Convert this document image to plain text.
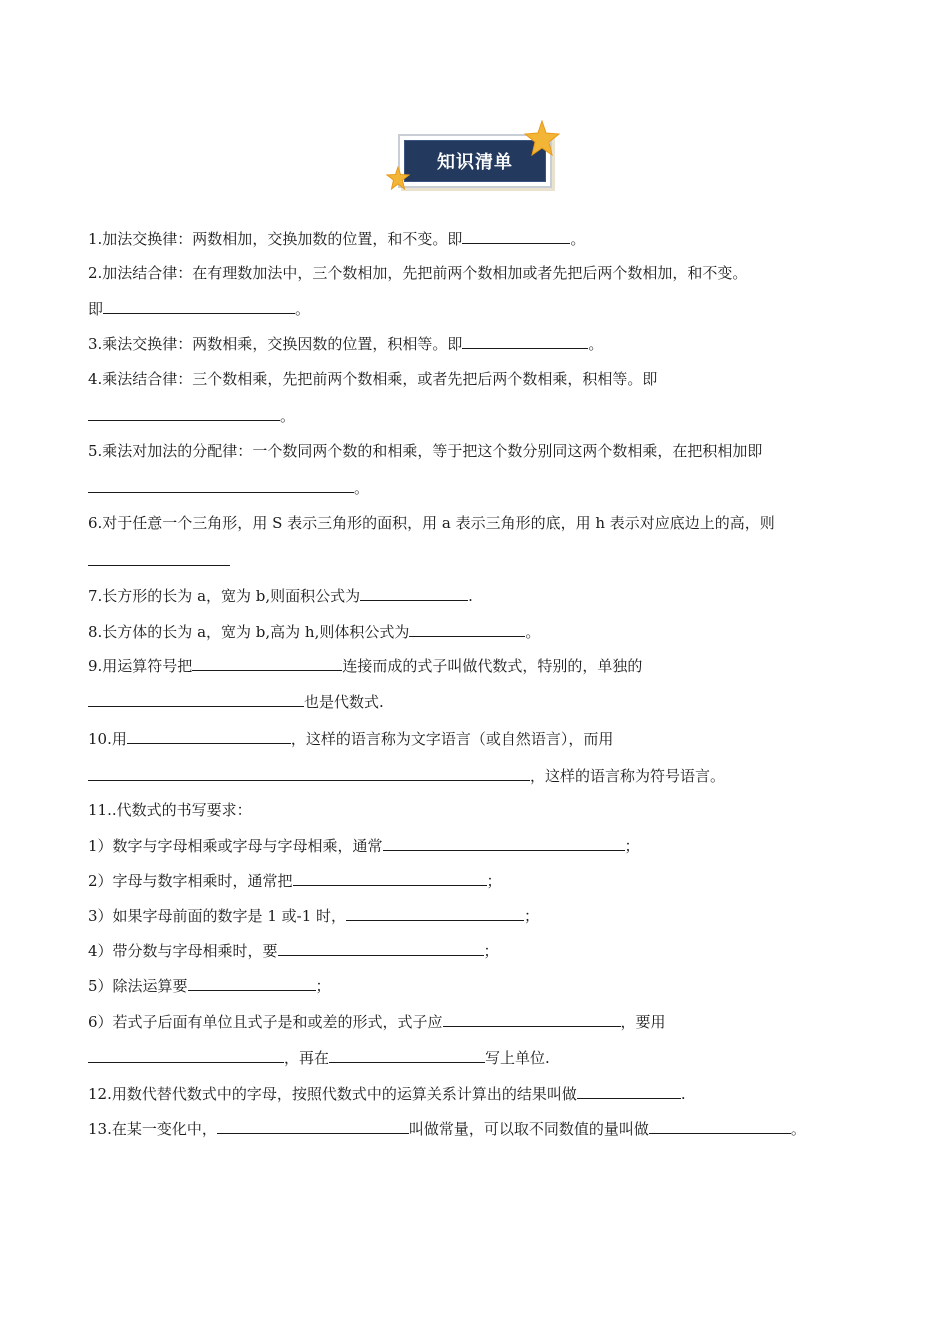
知识清单
1.加法交换律：两数相加，交换加数的位置，和不变。即	。
2.加法结合律：在有理数加法中，三个数相加，先把前两个数相加或者先把后两个数相加，和不变。
即	。
3.乘法交换律：两数相乘，交换因数的位置，积相等。即	。
4.乘法结合律：三个数相乘，先把前两个数相乘，或者先把后两个数相乘，积相等。即
。
5.乘法对加法的分配律：一个数同两个数的和相乘，等于把这个数分别同这两个数相乘，在把积相加即
。
6.对于任意一个三角形，用 S 表示三角形的面积，用 a 表示三角形的底，用 h 表示对应底边上的高，则
7.长方形的长为 a，宽为 b,则面积公式为	.
8.长方体的长为 a，宽为 b,高为 h,则体积公式为	。
9.用运算符号把	连接而成的式子叫做代数式，特别的，单独的
也是代数式.
10.用	，这样的语言称为文字语言（或自然语言），而用
，这样的语言称为符号语言。
11..代数式的书写要求：
1）数字与字母相乘或字母与字母相乘，通常	；
2）字母与数字相乘时，通常把	；
3）如果字母前面的数字是 1 或-1 时，	；
4）带分数与字母相乘时，要	；
5）除法运算要	；
6）若式子后面有单位且式子是和或差的形式，式子应	，要用
，再在	写上单位.
12.用数代替代数式中的字母，按照代数式中的运算关系计算出的结果叫做	.
13.在某一变化中，	叫做常量，可以取不同数值的量叫做	。
